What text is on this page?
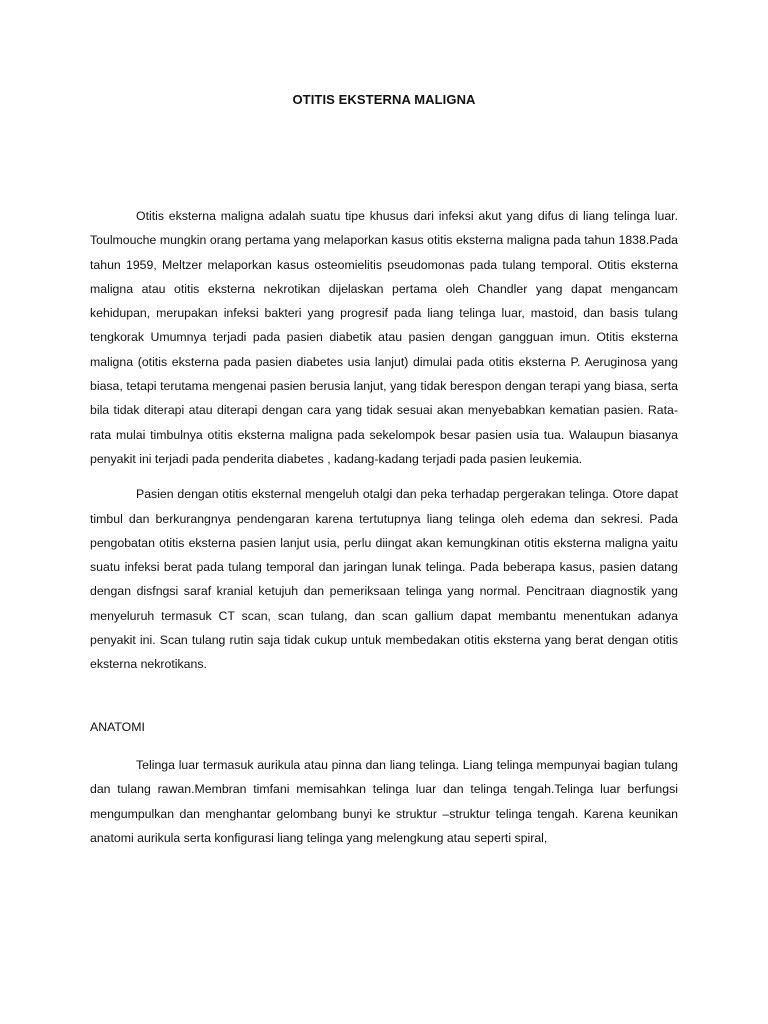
OTITIS EKSTERNA MALIGNA

Otitis eksterna maligna adalah suatu tipe khusus dari infeksi akut yang difus di liang telinga luar. Toulmouche mungkin orang pertama yang melaporkan kasus otitis eksterna maligna pada tahun 1838.Pada tahun 1959, Meltzer melaporkan kasus osteomielitis pseudomonas pada tulang temporal. Otitis eksterna maligna atau otitis eksterna nekrotikan dijelaskan pertama oleh Chandler yang dapat mengancam kehidupan, merupakan infeksi bakteri yang progresif pada liang telinga luar, mastoid, dan basis tulang tengkorak Umumnya terjadi pada pasien diabetik atau pasien dengan gangguan imun. Otitis eksterna maligna (otitis eksterna pada pasien diabetes usia lanjut) dimulai pada otitis eksterna P. Aeruginosa yang biasa, tetapi terutama mengenai pasien berusia lanjut, yang tidak berespon dengan terapi yang biasa, serta bila tidak diterapi atau diterapi dengan cara yang tidak sesuai akan menyebabkan kematian pasien. Rata-rata mulai timbulnya otitis eksterna maligna pada sekelompok besar pasien usia tua. Walaupun biasanya penyakit ini terjadi pada penderita diabetes , kadang-kadang terjadi pada pasien leukemia.

Pasien dengan otitis eksternal mengeluh otalgi dan peka terhadap pergerakan telinga. Otore dapat timbul dan berkurangnya pendengaran karena tertutupnya liang telinga oleh edema dan sekresi. Pada pengobatan otitis eksterna pasien lanjut usia, perlu diingat akan kemungkinan otitis eksterna maligna yaitu suatu infeksi berat pada tulang temporal dan jaringan lunak telinga. Pada beberapa kasus, pasien datang dengan disfngsi saraf kranial ketujuh dan pemeriksaan telinga yang normal. Pencitraan diagnostik yang menyeluruh termasuk CT scan, scan tulang, dan scan gallium dapat membantu menentukan adanya penyakit ini. Scan tulang rutin saja tidak cukup untuk membedakan otitis eksterna yang berat dengan otitis eksterna nekrotikans.

ANATOMI

Telinga luar termasuk aurikula atau pinna dan liang telinga. Liang telinga mempunyai bagian tulang dan tulang rawan.Membran timfani memisahkan telinga luar dan telinga tengah.Telinga luar berfungsi mengumpulkan dan menghantar gelombang bunyi ke struktur –struktur telinga tengah. Karena keunikan anatomi aurikula serta konfigurasi liang telinga yang melengkung atau seperti spiral,
